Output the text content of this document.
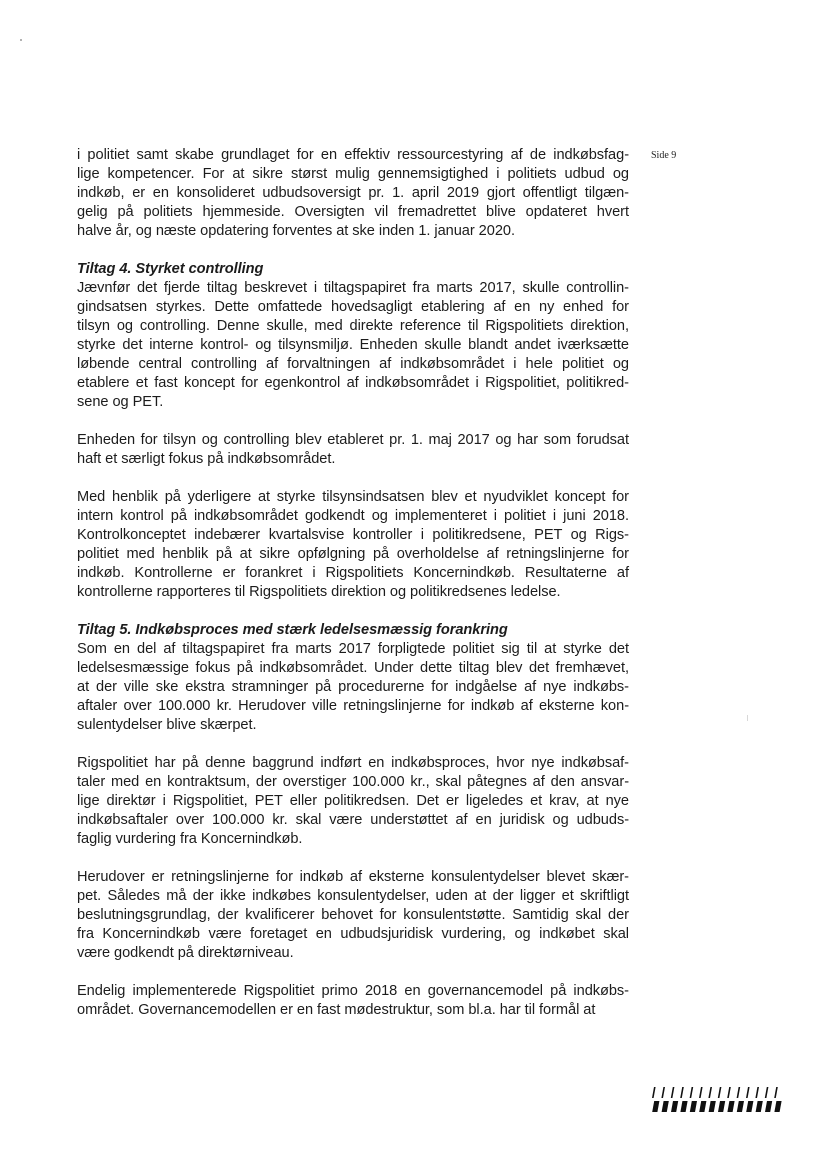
Side 9
i politiet samt skabe grundlaget for en effektiv ressourcestyring af de indkøbsfag-
lige kompetencer. For at sikre størst mulig gennemsigtighed i politiets udbud og
indkøb, er en konsolideret udbudsoversigt pr. 1. april 2019 gjort offentligt tilgæn-
gelig på politiets hjemmeside. Oversigten vil fremadrettet blive opdateret hvert
halve år, og næste opdatering forventes at ske inden 1. januar 2020.
Tiltag 4. Styrket controlling
Jævnfør det fjerde tiltag beskrevet i tiltagspapiret fra marts 2017, skulle controllin-
gindsatsen styrkes. Dette omfattede hovedsagligt etablering af en ny enhed for
tilsyn og controlling. Denne skulle, med direkte reference til Rigspolitiets direktion,
styrke det interne kontrol- og tilsynsmiljø. Enheden skulle blandt andet iværksætte
løbende central controlling af forvaltningen af indkøbsområdet i hele politiet og
etablere et fast koncept for egenkontrol af indkøbsområdet i Rigspolitiet, politikred-
sene og PET.
Enheden for tilsyn og controlling blev etableret pr. 1. maj 2017 og har som forudsat
haft et særligt fokus på indkøbsområdet.
Med henblik på yderligere at styrke tilsynsindsatsen blev et nyudviklet koncept for
intern kontrol på indkøbsområdet godkendt og implementeret i politiet i juni 2018.
Kontrolkonceptet indebærer kvartalsvise kontroller i politikredsene, PET og Rigs-
politiet med henblik på at sikre opfølgning på overholdelse af retningslinjerne for
indkøb. Kontrollerne er forankret i Rigspolitiets Koncernindkøb. Resultaterne af
kontrollerne rapporteres til Rigspolitiets direktion og politikredsenes ledelse.
Tiltag 5. Indkøbsproces med stærk ledelsesmæssig forankring
Som en del af tiltagspapiret fra marts 2017 forpligtede politiet sig til at styrke det
ledelsesmæssige fokus på indkøbsområdet. Under dette tiltag blev det fremhævet,
at der ville ske ekstra stramninger på procedurerne for indgåelse af nye indkøbs-
aftaler over 100.000 kr. Herudover ville retningslinjerne for indkøb af eksterne kon-
sulentydelser blive skærpet.
Rigspolitiet har på denne baggrund indført en indkøbsproces, hvor nye indkøbsaf-
taler med en kontraktsum, der overstiger 100.000 kr., skal påtegnes af den ansvar-
lige direktør i Rigspolitiet, PET eller politikredsen. Det er ligeledes et krav, at nye
indkøbsaftaler over 100.000 kr. skal være understøttet af en juridisk og udbuds-
faglig vurdering fra Koncernindkøb.
Herudover er retningslinjerne for indkøb af eksterne konsulentydelser blevet skær-
pet. Således må der ikke indkøbes konsulentydelser, uden at der ligger et skriftligt
beslutningsgrundlag, der kvalificerer behovet for konsulentstøtte. Samtidig skal der
fra Koncernindkøb være foretaget en udbudsjuridisk vurdering, og indkøbet skal
være godkendt på direktørniveau.
Endelig implementerede Rigspolitiet primo 2018 en governancemodel på indkøbs-
området. Governancemodellen er en fast mødestruktur, som bl.a. har til formål at
